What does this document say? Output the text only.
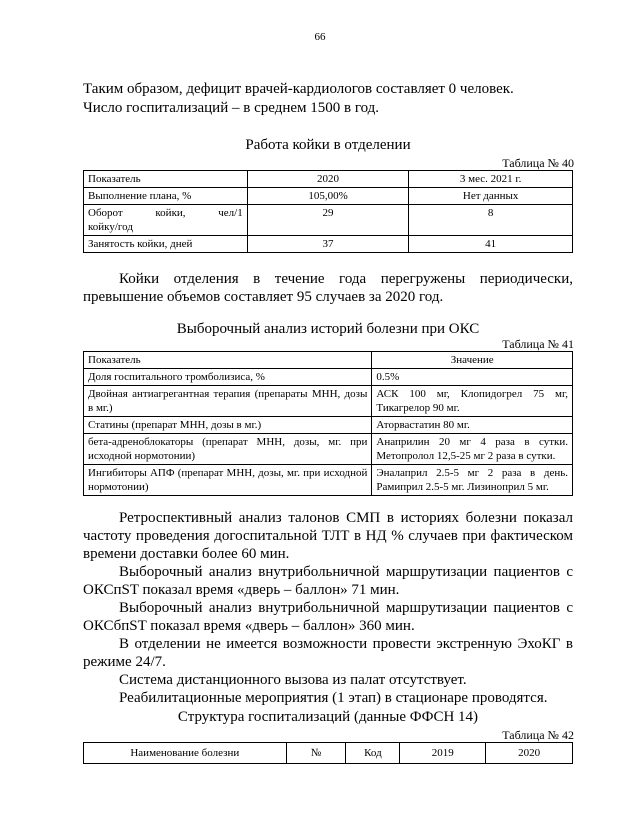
66

Таким образом, дефицит врачей-кардиологов составляет 0 человек.

Число госпитализаций – в среднем 1500 в год.

Работа койки в отделении
Таблица № 40
Показатель	2020	3 мес. 2021 г.
Выполнение плана, %	105,00%	Нет данных

Оборот койки, чел/1
койку/год	29	8
Занятость койки, дней	37	41

Койки отделения в течение года перегружены периодически, превышение объемов составляет 95 случаев за 2020 год.

Выборочный анализ историй болезни при ОКС
Таблица № 41
Показатель	Значение
Доля госпитального тромболизиса, %	0.5%
Двойная антиагрегантная терапия (препараты МНН, дозы в мг.)	АСК 100 мг, Клопидогрел 75 мг, Тикагрелор 90 мг.
Статины (препарат МНН, дозы в мг.)	Аторвастатин 80 мг.
бета-адреноблокаторы (препарат МНН, дозы, мг. при исходной нормотонии)	Анаприлин 20 мг 4 раза в сутки. Метопролол 12,5-25 мг 2 раза в сутки.
Ингибиторы АПФ (препарат МНН, дозы, мг. при исходной нормотонии)	Эналаприл 2.5-5 мг 2 раза в день. Рамиприл 2.5-5 мг. Лизиноприл 5 мг.

Ретроспективный анализ талонов СМП в историях болезни показал частоту проведения догоспитальной ТЛТ в НД % случаев при фактическом времени доставки более 60 мин.

Выборочный анализ внутрибольничной маршрутизации пациентов с ОКСпST показал время «дверь – баллон» 71 мин.

Выборочный анализ внутрибольничной маршрутизации пациентов с ОКСбпST показал время «дверь – баллон» 360 мин.

В отделении не имеется возможности провести экстренную ЭхоКГ в режиме 24/7.

Система дистанционного вызова из палат отсутствует.

Реабилитационные мероприятия (1 этап) в стационаре проводятся.

Структура госпитализаций (данные ФФСН 14)
Таблица № 42
Наименование болезни	№	Код	2019	2020
